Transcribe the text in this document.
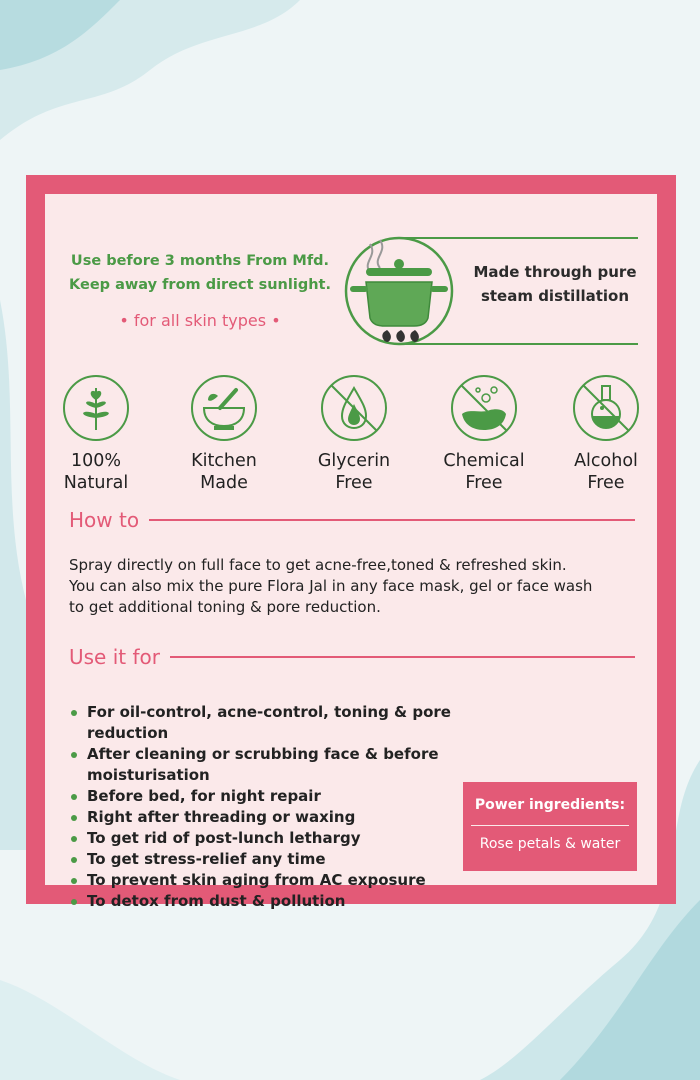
Use before 3 months From Mfd.

Keep away from direct sunlight.

• for all skin types •
Made through pure
steam distillation
100%
Natural
Kitchen
Made
Glycerin
Free
Chemical
Free
Alcohol
Free
How to
Spray directly on full face to get acne-free,toned & refreshed skin.
You can also mix the pure Flora Jal in any face mask, gel or face wash
to get additional toning & pore reduction.
Use it for
For oil-control, acne-control, toning & pore reduction
After cleaning or scrubbing face & before moisturisation
Before bed, for night repair
Right after threading or waxing
To get rid of post-lunch lethargy
To get stress-relief any time
To prevent skin aging from AC exposure
To detox from dust & pollution
Power ingredients:
Rose petals & water
